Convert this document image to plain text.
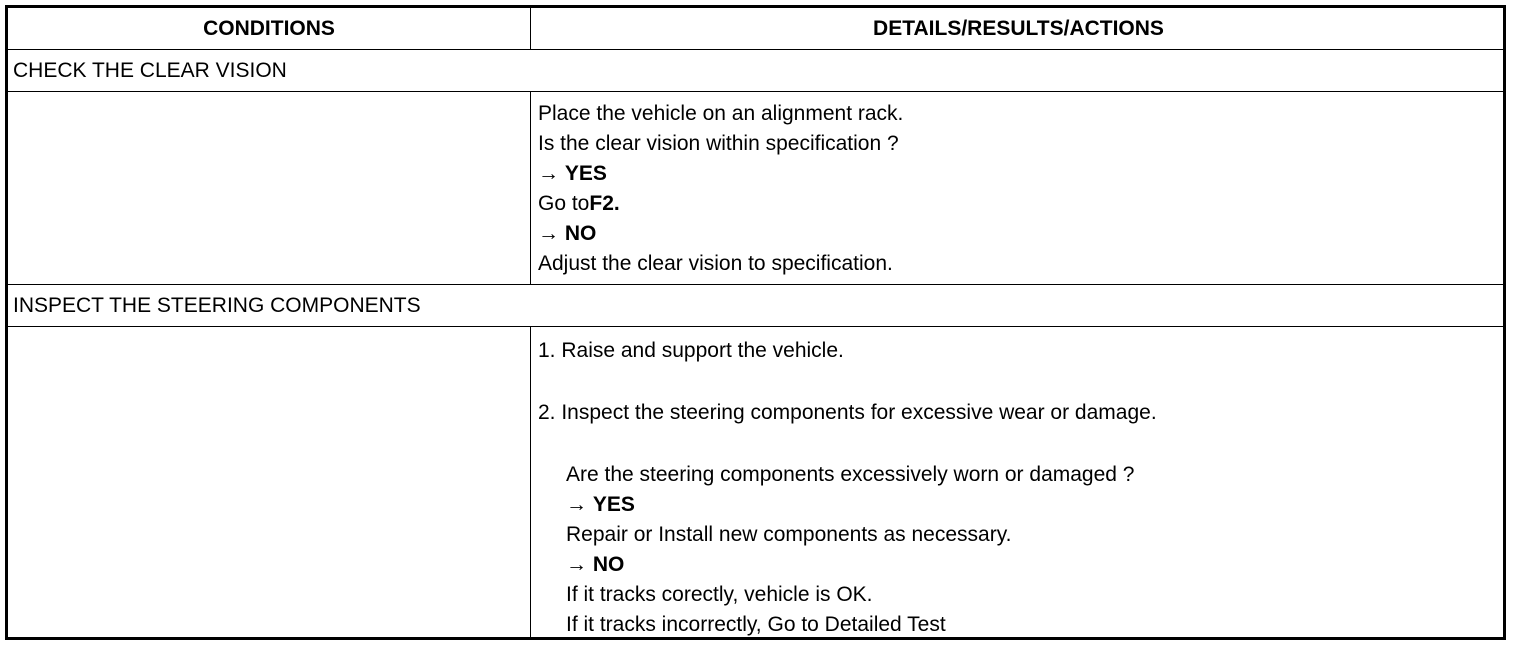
CONDITIONS	DETAILS/RESULTS/ACTIONS
CHECK THE CLEAR VISION
Place the vehicle on an alignment rack.
Is the clear vision within specification ?
→ YES
Go toF2.
→ NO
Adjust the clear vision to specification.
INSPECT THE STEERING COMPONENTS
1. Raise and support the vehicle.
2. Inspect the steering components for excessive wear or damage.
Are the steering components excessively worn or damaged ?
→ YES
Repair or Install new components as necessary.
→ NO
If it tracks corectly, vehicle is OK.
If it tracks incorrectly, Go to Detailed Test
